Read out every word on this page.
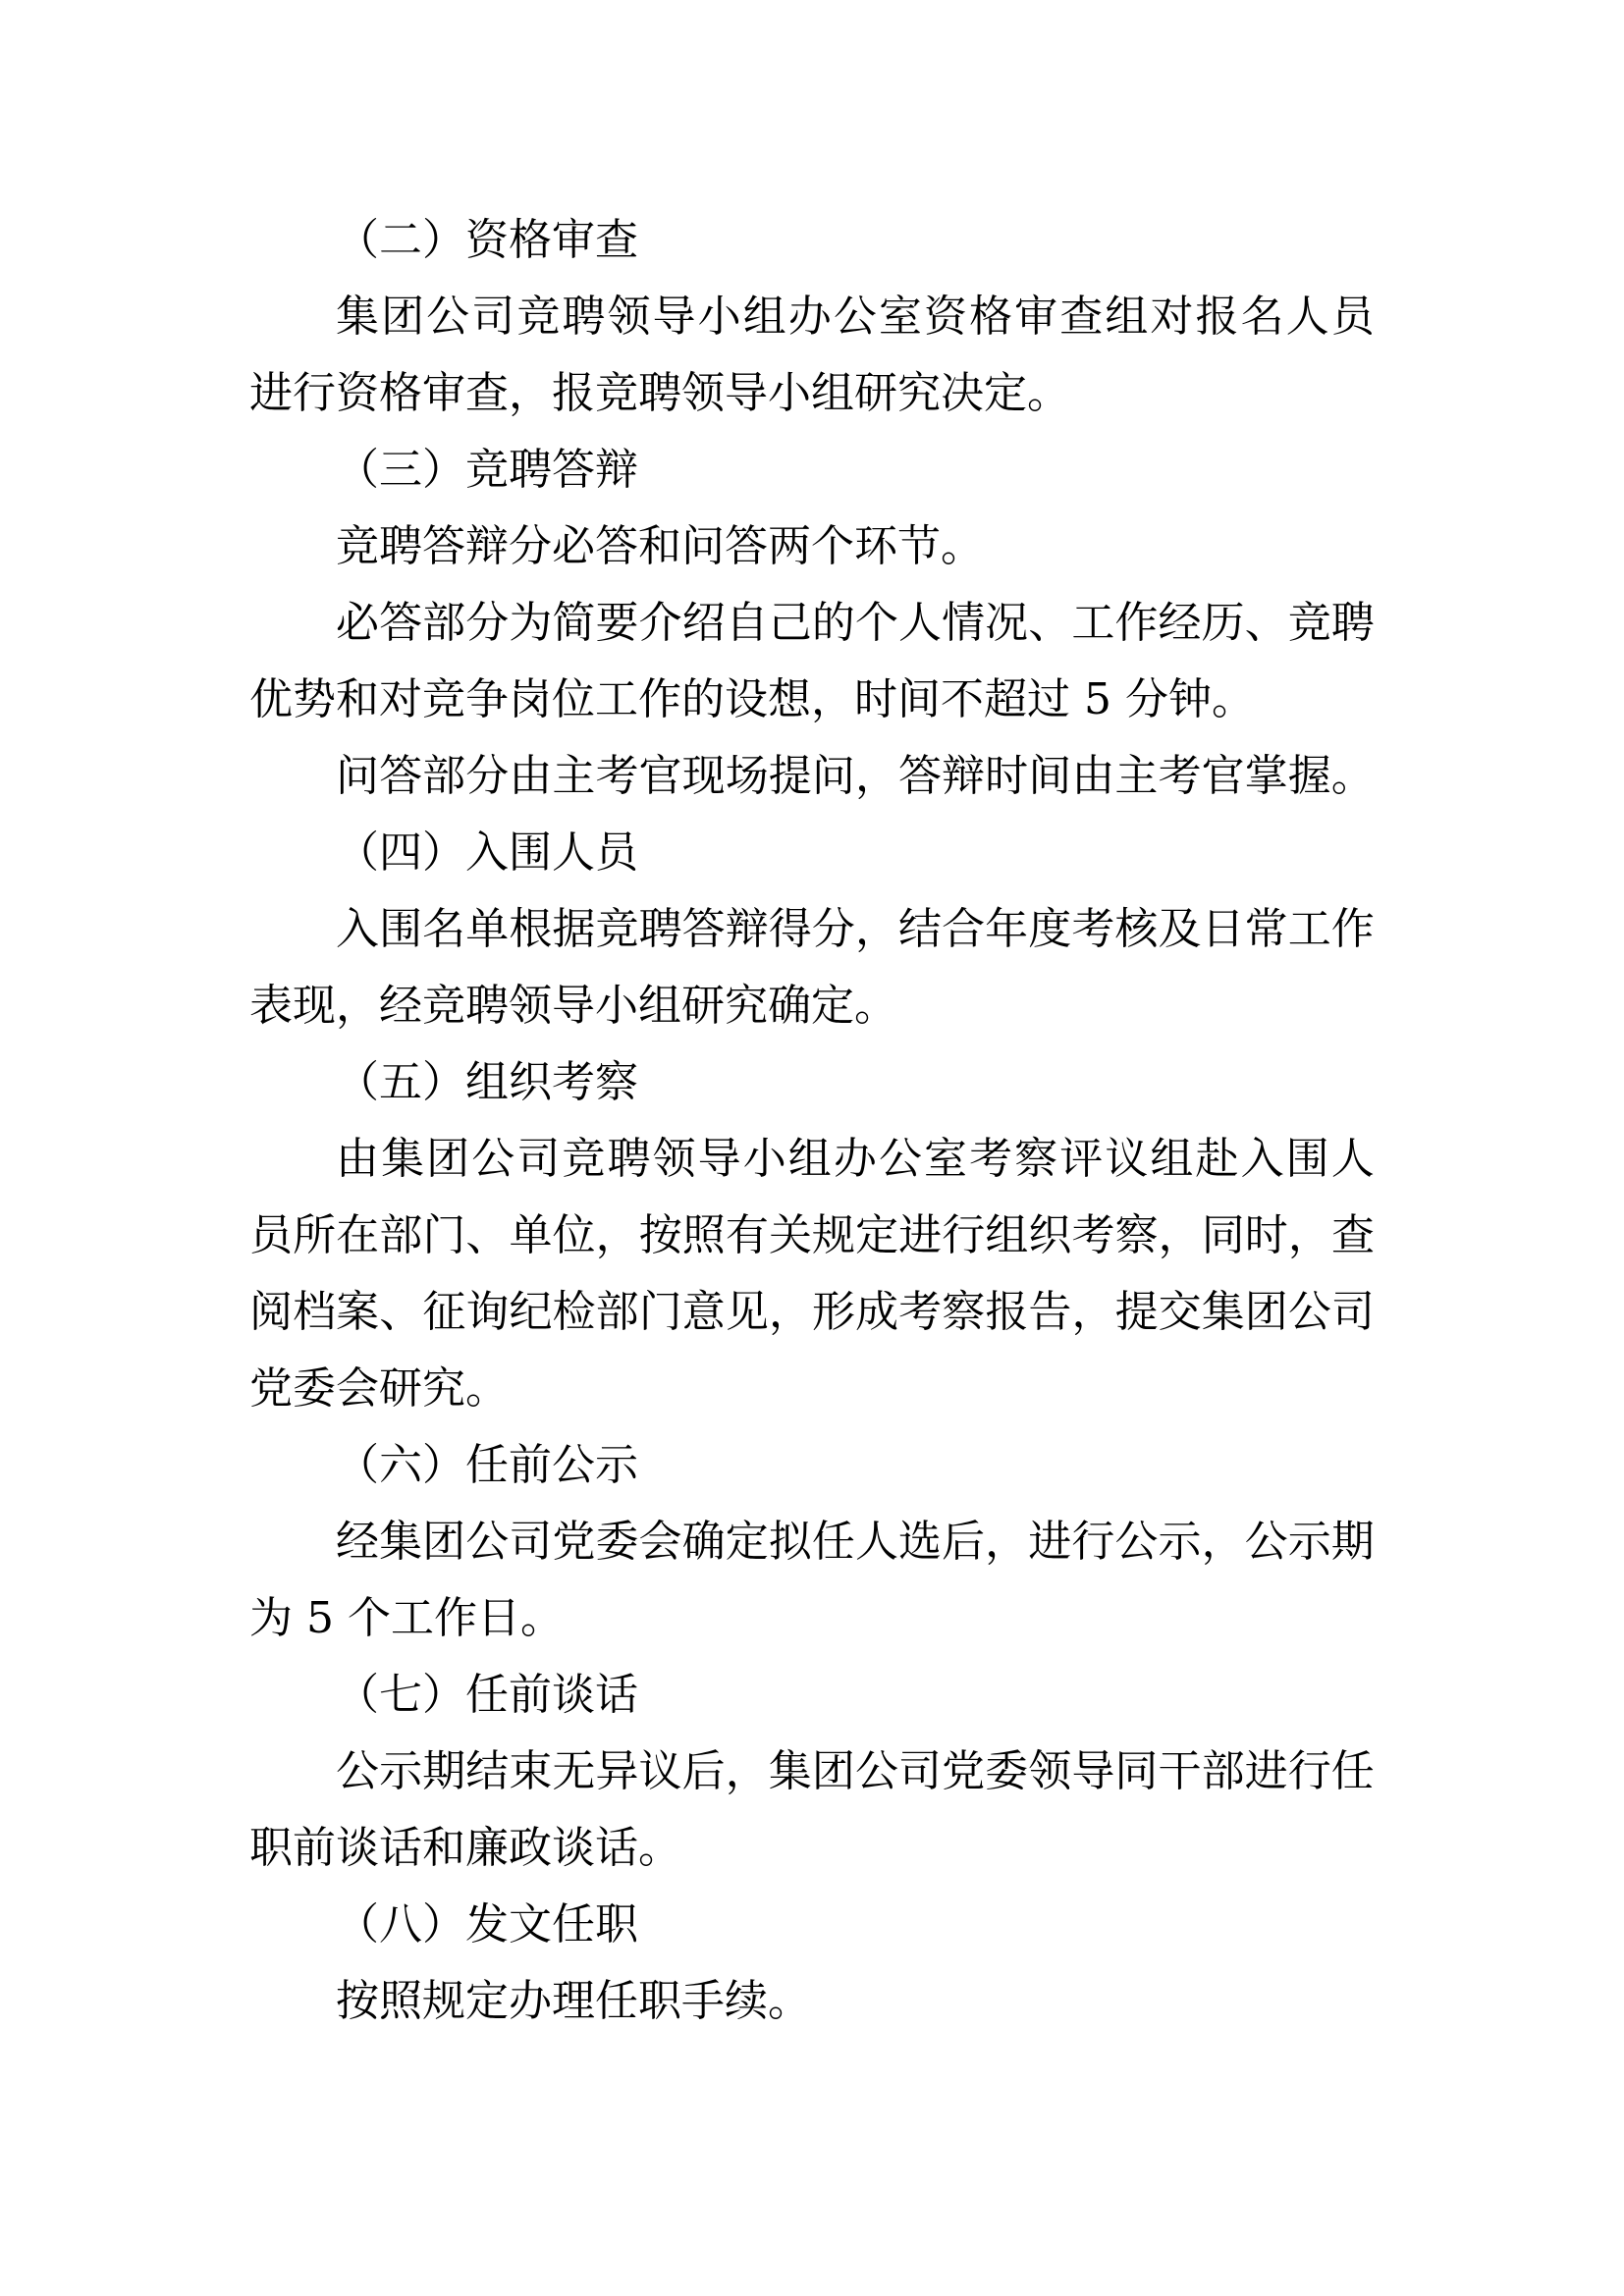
（二）资格审查
集 团 公 司 竞 聘 领 导 小 组 办 公 室 资 格 审 查 组 对 报 名 人 员
进行资格审查，报竞聘领导小组研究决定。
（三）竞聘答辩
竞聘答辩分必答和问答两个环节。
必 答 部 分 为 简 要 介 绍 自 己 的 个 人 情 况 、 工 作 经 历 、 竞 聘
优势和对竞争岗位工作的设想，时间不超过 5 分钟。
问 答 部 分 由 主 考 官 现 场 提 问 ， 答 辩 时 间 由 主 考 官 掌 握 。
（四）入围人员
入 围 名 单 根 据 竞 聘 答 辩 得 分 ， 结 合 年 度 考 核 及 日 常 工 作
表现，经竞聘领导小组研究确定。
（五）组织考察
由 集 团 公 司 竞 聘 领 导 小 组 办 公 室 考 察 评 议 组 赴 入 围 人
员 所 在 部 门 、 单 位 ， 按 照 有 关 规 定 进 行 组 织 考 察 ， 同 时 ， 查
阅 档 案 、 征 询 纪 检 部 门 意 见 ， 形 成 考 察 报 告 ， 提 交 集 团 公 司
党委会研究。
（六）任前公示
经 集 团 公 司 党 委 会 确 定 拟 任 人 选 后 ， 进 行 公 示 ， 公 示 期
为 5 个工作日。
（七）任前谈话
公 示 期 结 束 无 异 议 后 ， 集 团 公 司 党 委 领 导 同 干 部 进 行 任
职前谈话和廉政谈话。
（八）发文任职
按照规定办理任职手续。
